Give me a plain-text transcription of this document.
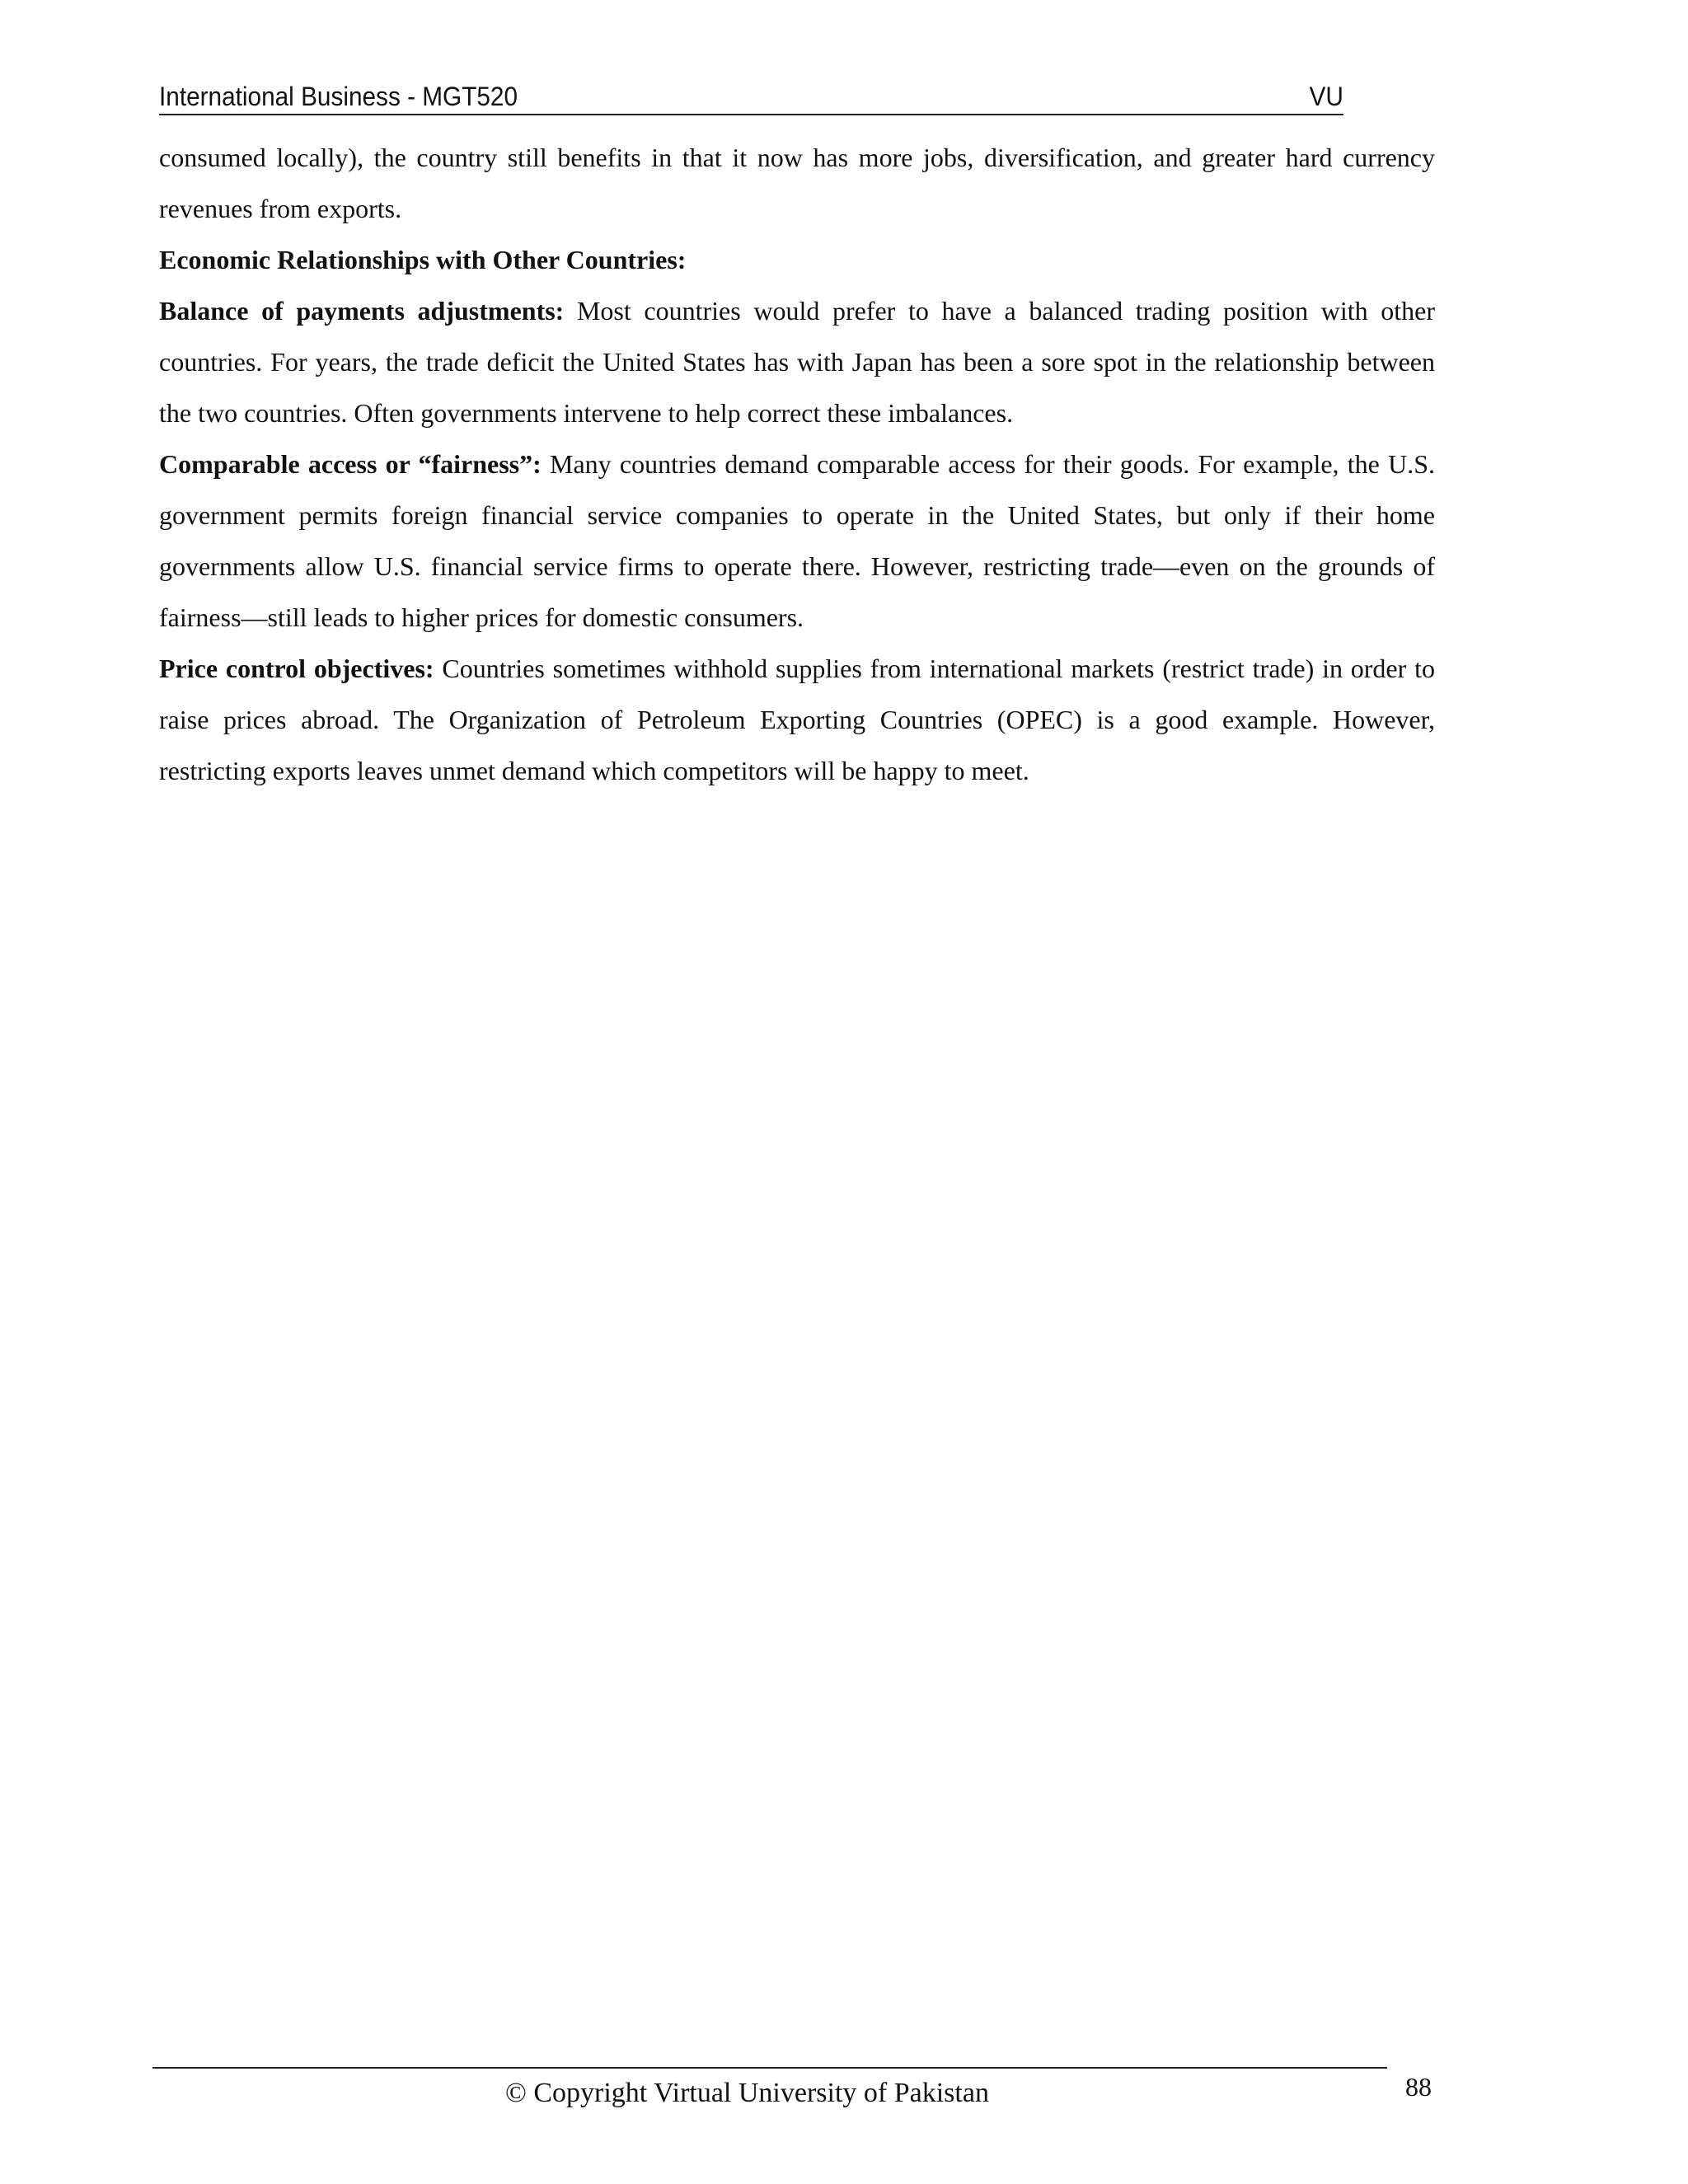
International Business - MGT520	VU

consumed locally), the country still benefits in that it now has more jobs, diversification, and greater hard currency revenues from exports.

Economic Relationships with Other Countries:

Balance of payments adjustments: Most countries would prefer to have a balanced trading position with other countries. For years, the trade deficit the United States has with Japan has been a sore spot in the relationship between the two countries. Often governments intervene to help correct these imbalances.

Comparable access or “fairness”: Many countries demand comparable access for their goods. For example, the U.S. government permits foreign financial service companies to operate in the United States, but only if their home governments allow U.S. financial service firms to operate there. However, restricting trade—even on the grounds of fairness—still leads to higher prices for domestic consumers.

Price control objectives: Countries sometimes withhold supplies from international markets (restrict trade) in order to raise prices abroad. The Organization of Petroleum Exporting Countries (OPEC) is a good example. However, restricting exports leaves unmet demand which competitors will be happy to meet.

© Copyright Virtual University of Pakistan	88
